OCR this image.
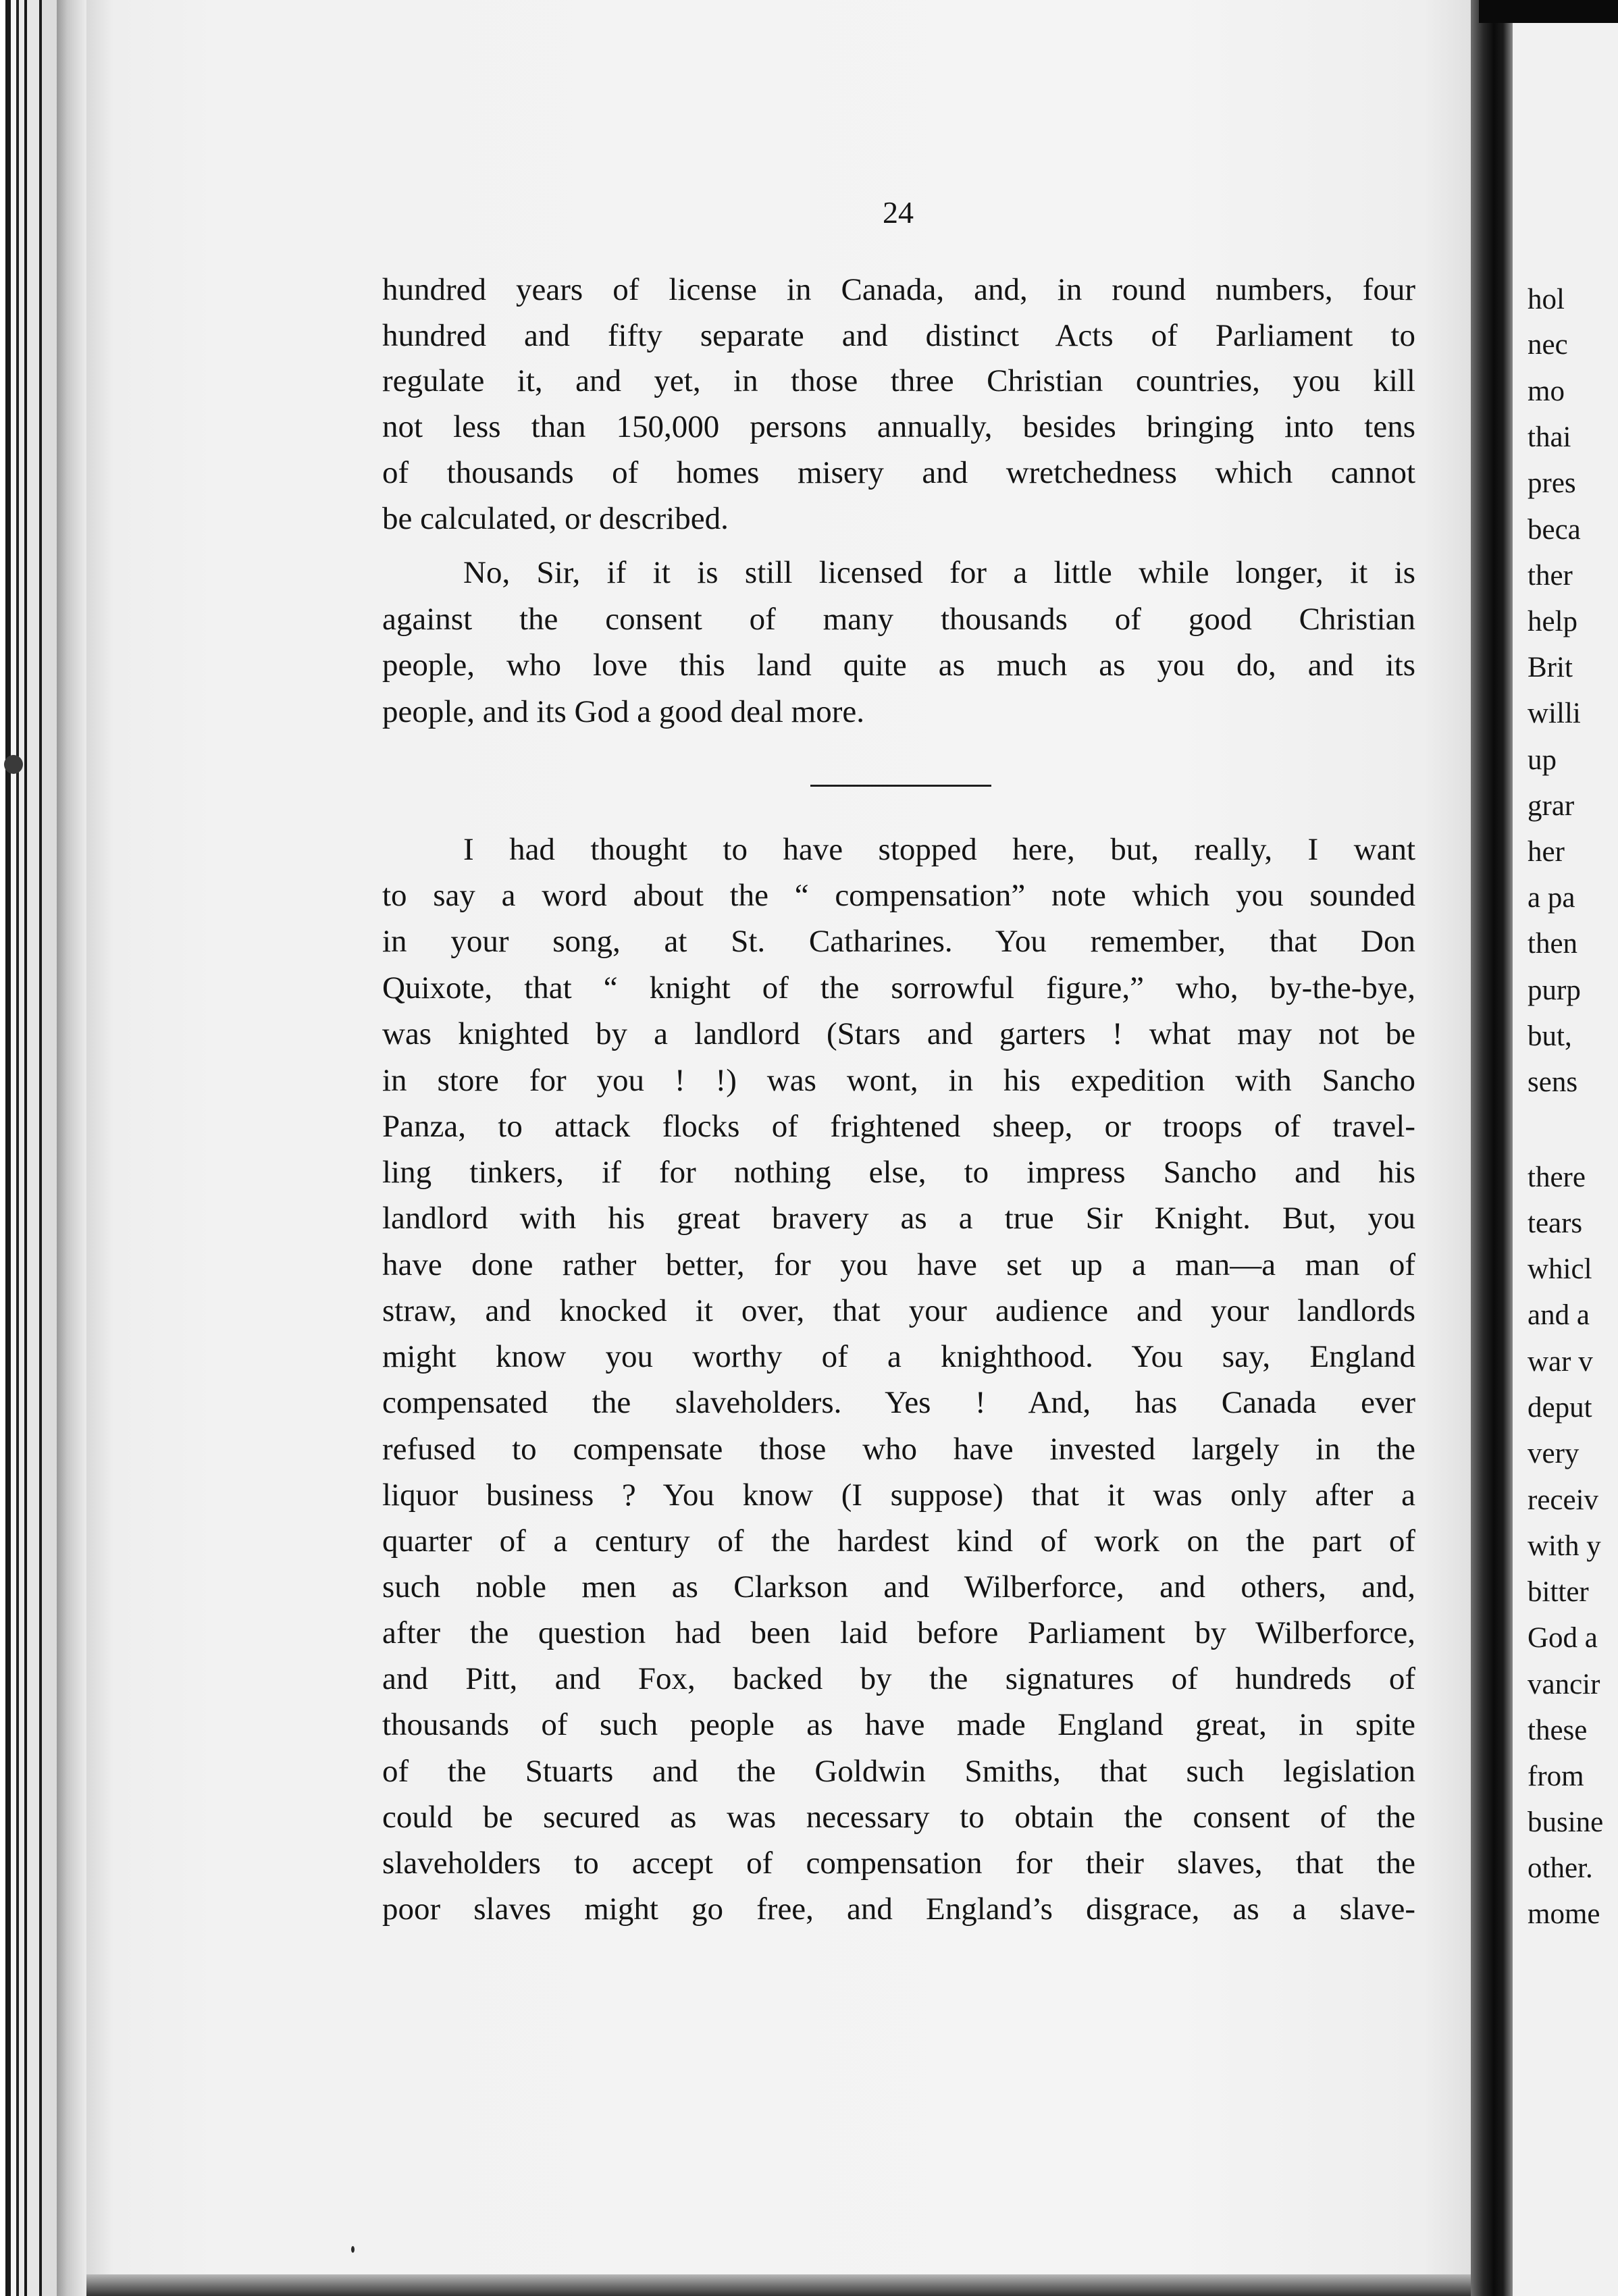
24
hundred years of license in Canada, and, in round numbers, four
hundred and fifty separate and distinct Acts of Parliament to
regulate it, and yet, in those three Christian countries, you kill
not less than 150,000 persons annually, besides bringing into tens
of thousands of homes misery and wretchedness which cannot
be calculated, or described.
No, Sir, if it is still licensed for a little while longer, it is
against the consent of many thousands of good Christian
people, who love this land quite as much as you do, and its
people, and its God a good deal more.
I had thought to have stopped here, but, really, I want
to say a word about the “ compensation” note which you sounded
in your song, at St. Catharines. You remember, that Don
Quixote, that “ knight of the sorrowful figure,” who, by-the-bye,
was knighted by a landlord (Stars and garters ! what may not be
in store for you ! !) was wont, in his expedition with Sancho
Panza, to attack flocks of frightened sheep, or troops of travel-
ling tinkers, if for nothing else, to impress Sancho and his
landlord with his great bravery as a true Sir Knight. But, you
have done rather better, for you have set up a man—a man of
straw, and knocked it over, that your audience and your landlords
might know you worthy of a knighthood. You say, England
compensated the slaveholders. Yes ! And, has Canada ever
refused to compensate those who have invested largely in the
liquor business ? You know (I suppose) that it was only after a
quarter of a century of the hardest kind of work on the part of
such noble men as Clarkson and Wilberforce, and others, and,
after the question had been laid before Parliament by Wilberforce,
and Pitt, and Fox, backed by the signatures of hundreds of
thousands of such people as have made England great, in spite
of the Stuarts and the Goldwin Smiths, that such legislation
could be secured as was necessary to obtain the consent of the
slaveholders to accept of compensation for their slaves, that the
poor slaves might go free, and England’s disgrace, as a slave-
hol
nec
mo
thai
pres
beca
ther
help
Brit
willi
up
grar
her
a pa
then
purp
but,
sens
there
tears
whicl
and a
war v
deput
very
receiv
with y
bitter
God a
vancir
these
from
busine
other.
mome
